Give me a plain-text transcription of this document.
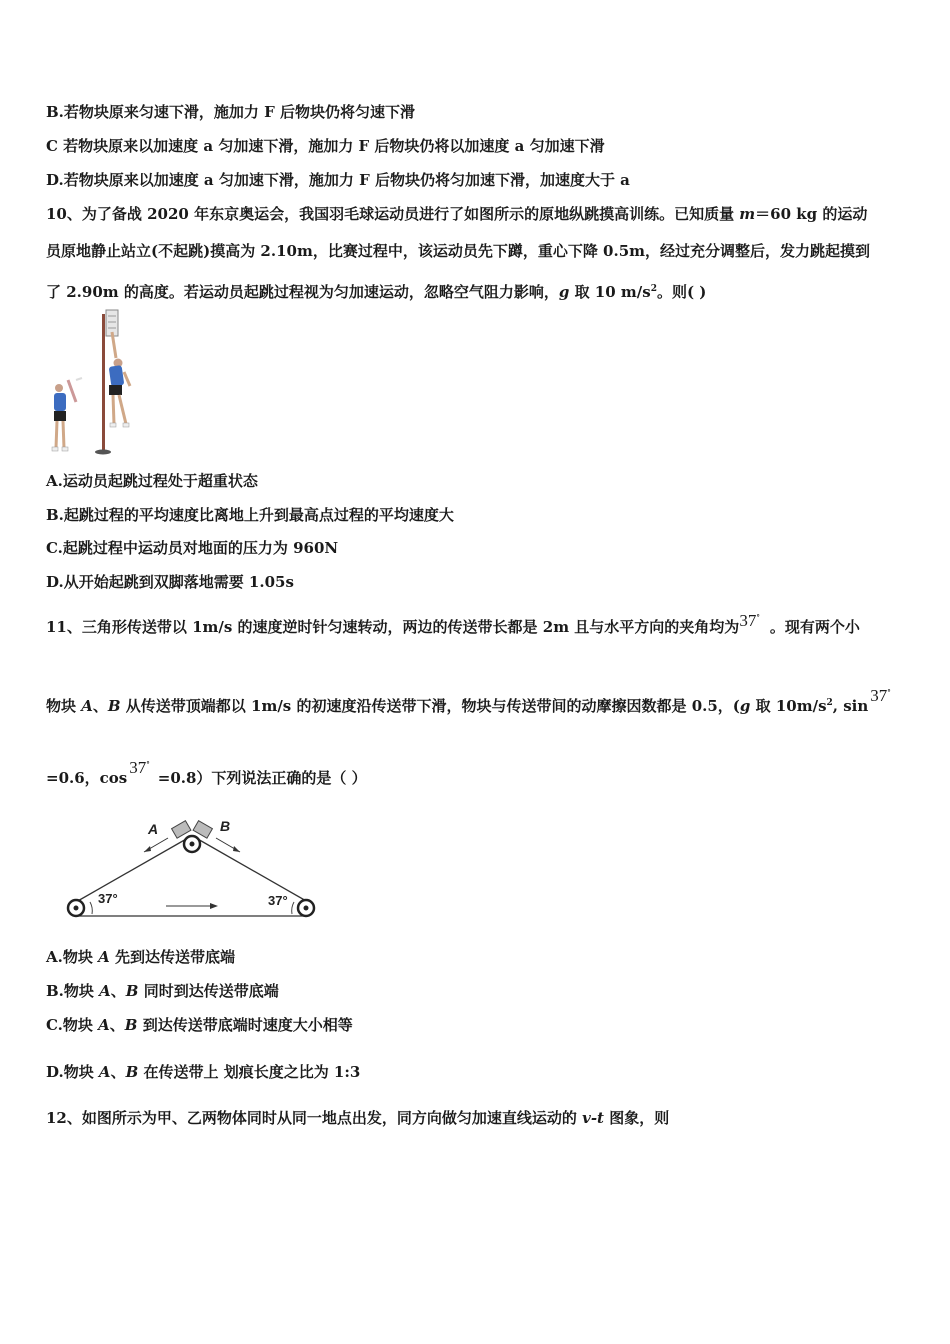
B.若物块原来匀速下滑，施加力 F 后物块仍将匀速下滑
C 若物块原来以加速度 a 匀加速下滑，施加力 F 后物块仍将以加速度 a 匀加速下滑
D.若物块原来以加速度 a 匀加速下滑，施加力 F 后物块仍将匀加速下滑，加速度大于 a
10、为了备战 2020 年东京奥运会，我国羽毛球运动员进行了如图所示的原地纵跳摸高训练。已知质量 m＝60 kg 的运动
员原地静止站立(不起跳)摸高为 2.10m，比赛过程中，该运动员先下蹲，重心下降 0.5m，经过充分调整后，发力跳起摸到
了 2.90m 的高度。若运动员起跳过程视为匀加速运动，忽略空气阻力影响，g 取 10 $m/s^2$。则( )
A.运动员起跳过程处于超重状态
B.起跳过程的平均速度比离地上升到最高点过程的平均速度大
C.起跳过程中运动员对地面的压力为 960N
D.从开始起跳到双脚落地需要 1.05s
11、三角形传送带以 1m/s 的速度逆时针匀速转动，两边的传送带长都是 2m 且与水平方向的夹角均为37°。现有两个小
物块 A、B 从传送带顶端都以 1m/s 的初速度沿传送带下滑，物块与传送带间的动摩擦因数都是 0.5，(g 取 $10m/s^2$, sin37°
=0.6，cos37°=0.8）下列说法正确的是（ ）
A	B
37°	37°
A.物块 A 先到达传送带底端
B.物块 A、B 同时到达传送带底端
C.物块 A、B 到达传送带底端时速度大小相等
D.物块 A、B 在传送带上 划痕长度之比为 1:3
12、如图所示为甲、乙两物体同时从同一地点出发，同方向做匀加速直线运动的 v-t 图象，则
